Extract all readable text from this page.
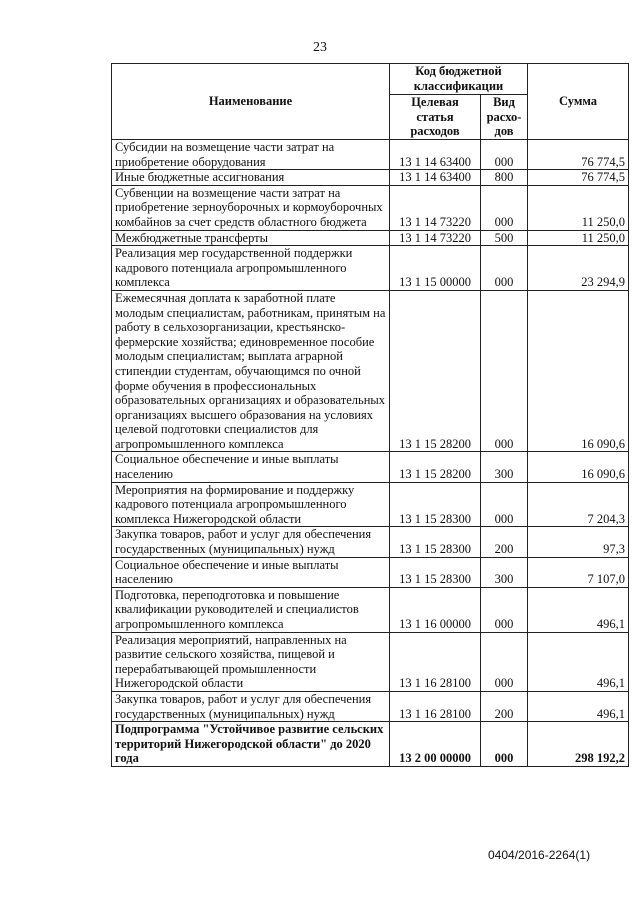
23
Наименование	Код бюджетной классификации		Сумма
	Целевая статья расходов	Вид расхо-дов	
Субсидии на возмещение части затрат на приобретение оборудования	13 1 14 63400	000	76 774,5
Иные бюджетные ассигнования	13 1 14 63400	800	76 774,5
Субвенции на возмещение части затрат на приобретение зерноуборочных и кормоуборочных комбайнов за счет средств областного бюджета	13 1 14 73220	000	11 250,0
Межбюджетные трансферты	13 1 14 73220	500	11 250,0
Реализация мер государственной поддержки кадрового потенциала агропромышленного комплекса	13 1 15 00000	000	23 294,9
Ежемесячная доплата к заработной плате молодым специалистам, работникам, принятым на работу в сельхозорганизации, крестьянско-фермерские хозяйства; единовременное пособие молодым специалистам; выплата аграрной стипендии студентам, обучающимся по очной форме обучения в профессиональных образовательных организациях и образовательных организациях высшего образования на условиях целевой подготовки специалистов для агропромышленного комплекса	13 1 15 28200	000	16 090,6
Социальное обеспечение и иные выплаты населению	13 1 15 28200	300	16 090,6
Мероприятия на формирование и поддержку кадрового потенциала агропромышленного комплекса Нижегородской области	13 1 15 28300	000	7 204,3
Закупка товаров, работ и услуг для обеспечения государственных (муниципальных) нужд	13 1 15 28300	200	97,3
Социальное обеспечение и иные выплаты населению	13 1 15 28300	300	7 107,0
Подготовка, переподготовка и повышение квалификации руководителей и специалистов агропромышленного комплекса	13 1 16 00000	000	496,1
Реализация мероприятий, направленных на развитие сельского хозяйства, пищевой и перерабатывающей промышленности Нижегородской области	13 1 16 28100	000	496,1
Закупка товаров, работ и услуг для обеспечения государственных (муниципальных) нужд	13 1 16 28100	200	496,1
Подпрограмма "Устойчивое развитие сельских территорий Нижегородской области" до 2020 года	13 2 00 00000	000	298 192,2
0404/2016-2264(1)
